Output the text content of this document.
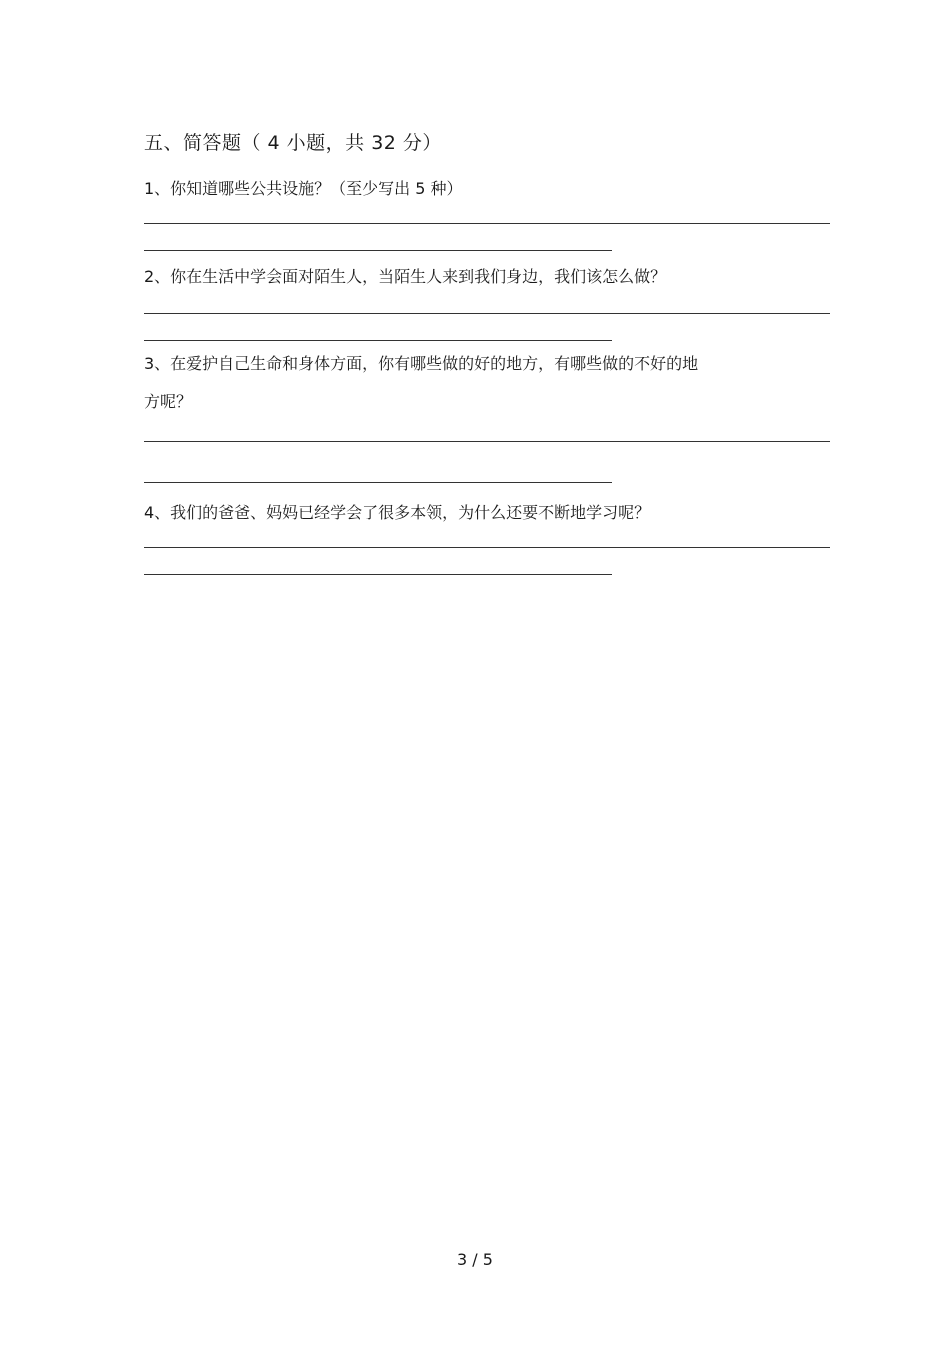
五、简答题（ 4 小题，共 32 分）
1、你知道哪些公共设施？（至少写出 5 种）
2、你在生活中学会面对陌生人，当陌生人来到我们身边，我们该怎么做？
3、在爱护自己生命和身体方面，你有哪些做的好的地方，有哪些做的不好的地
方呢？
4、我们的爸爸、妈妈已经学会了很多本领，为什么还要不断地学习呢？
3 / 5
